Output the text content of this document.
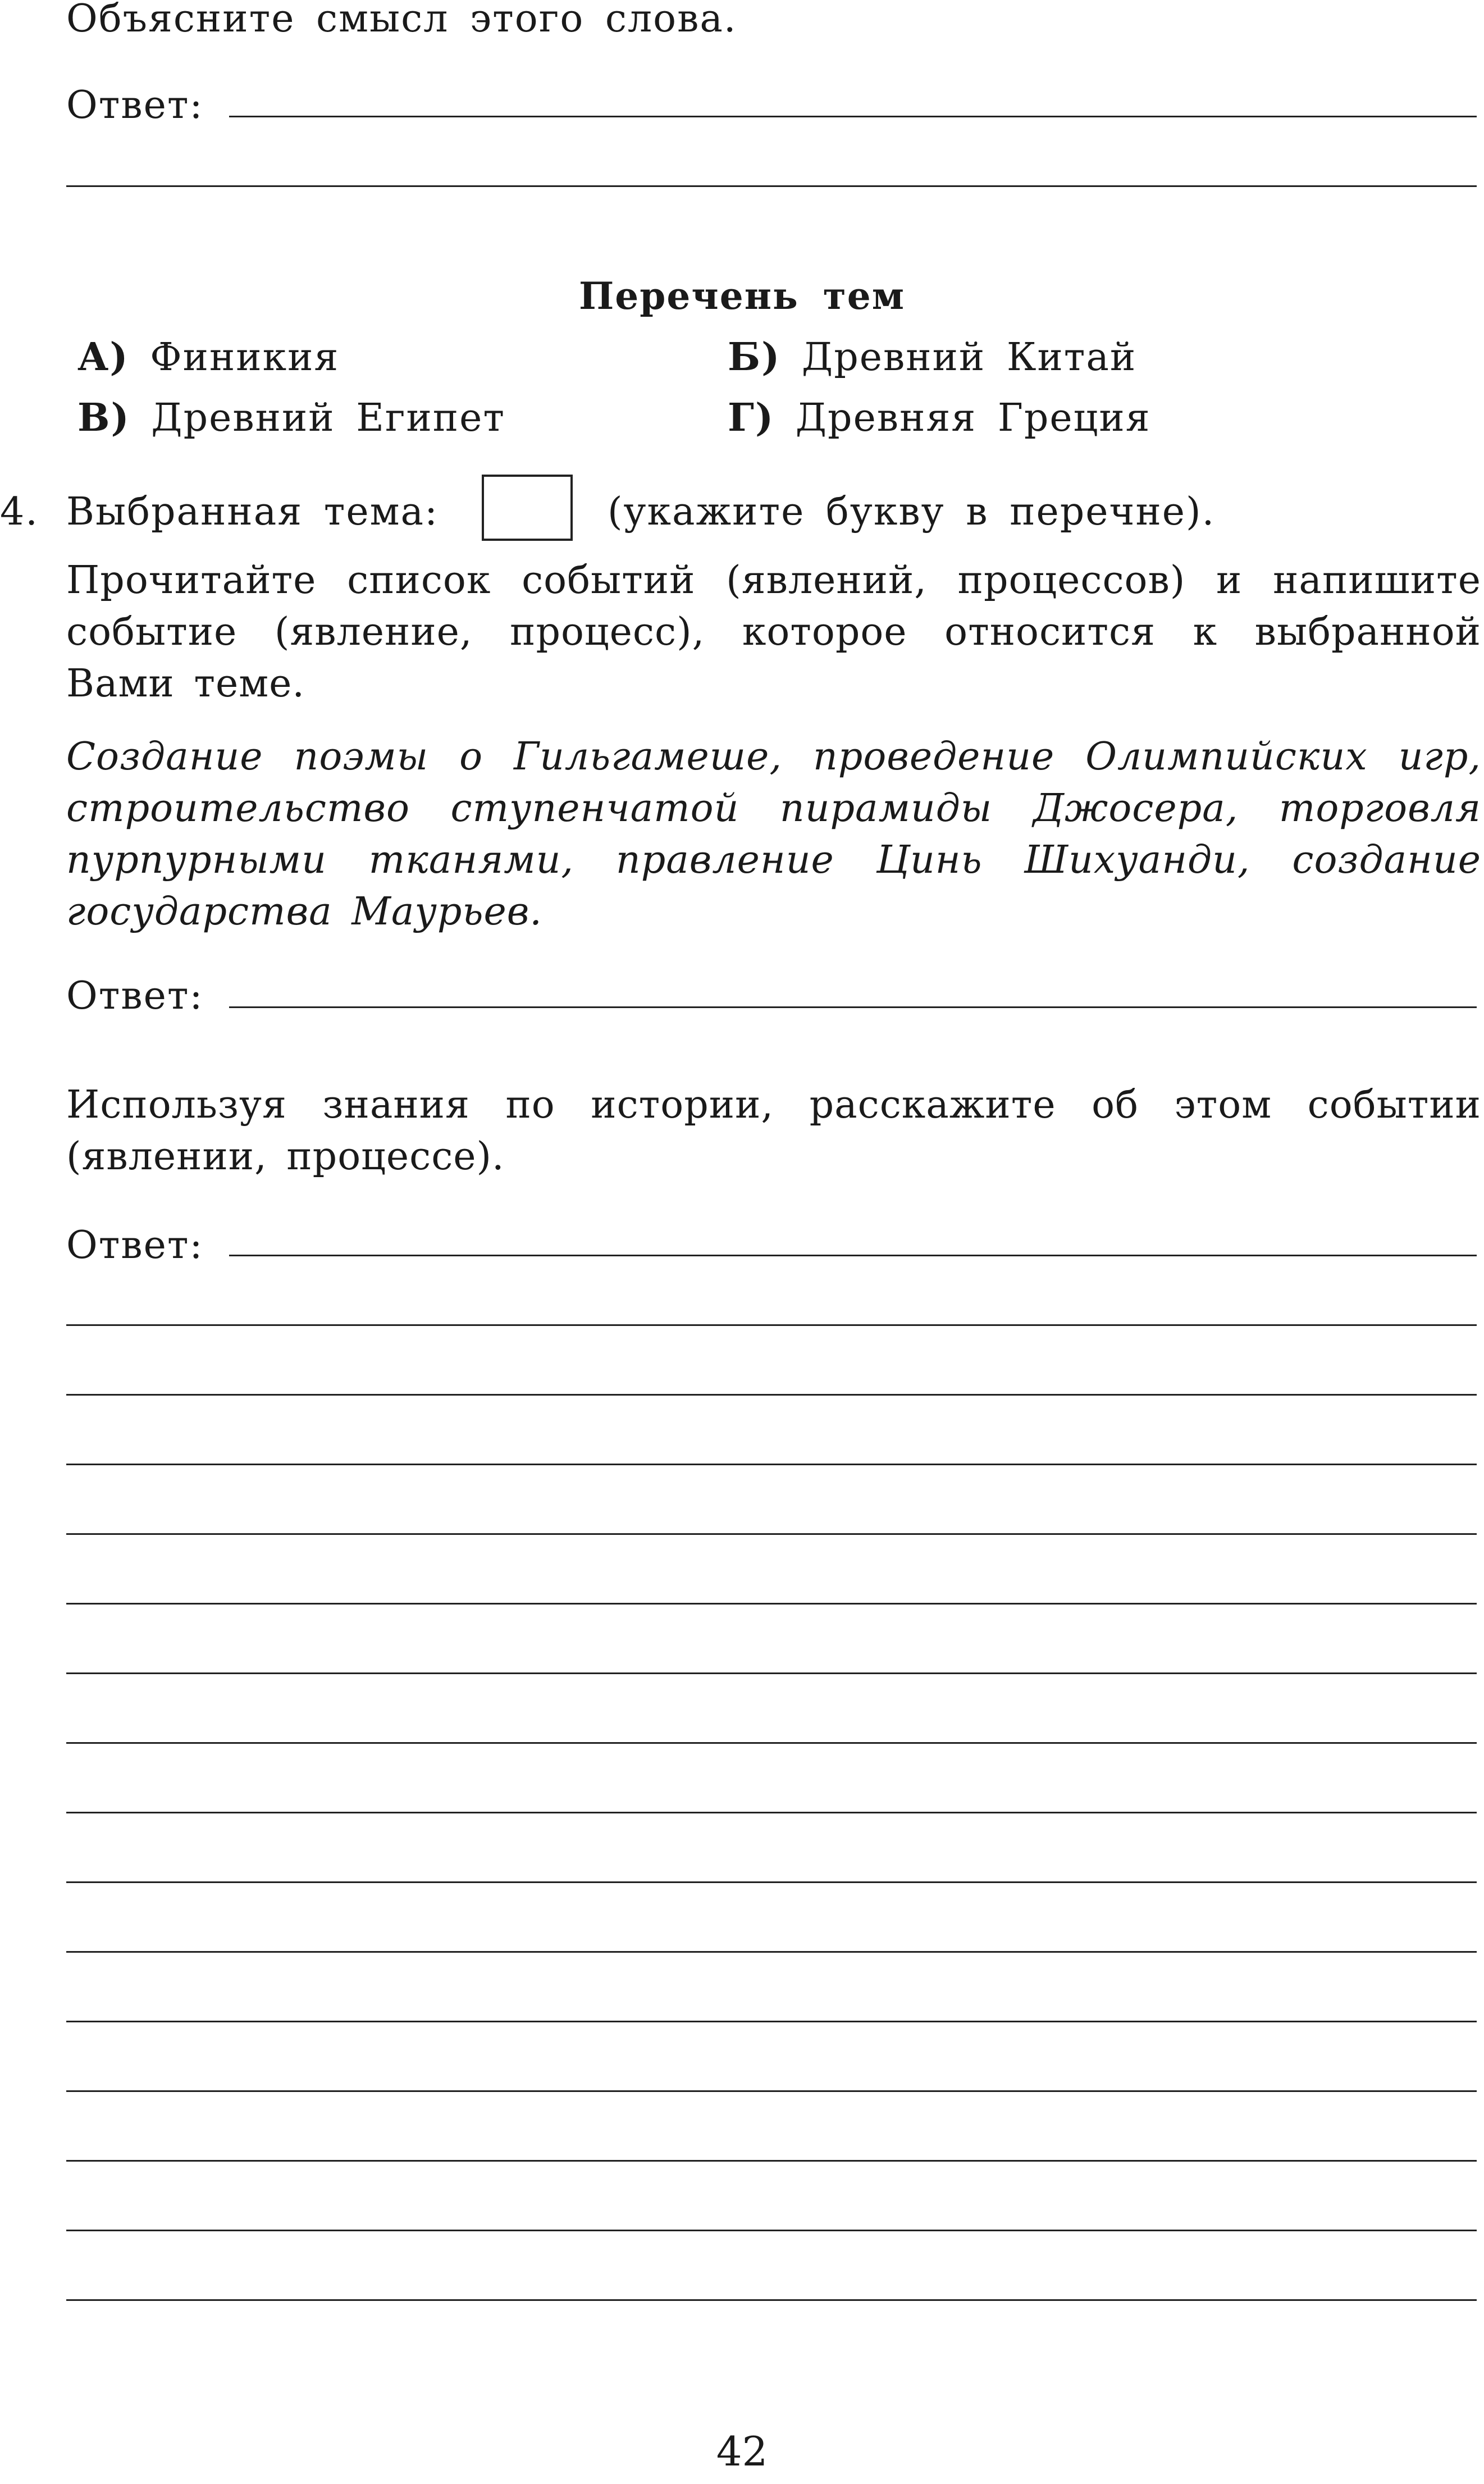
Объясните смысл этого слова.
Ответ:
Перечень тем
А) Финикия	Б) Древний Китай
В) Древний Египет	Г) Древняя Греция
4. Выбранная тема:	(укажите букву в перечне).
Прочитайте список событий (явлений, процессов) и напишите событие (явление, процесс), которое относится к выбранной Вами теме.
Создание поэмы о Гильгамеше, проведение Олимпийских игр, строительство ступенчатой пирамиды Джосера, торговля пурпурными тканями, правление Цинь Шихуанди, создание государства Маурьев.
Ответ:
Используя знания по истории, расскажите об этом событии (явлении, процессе).
Ответ:
42
